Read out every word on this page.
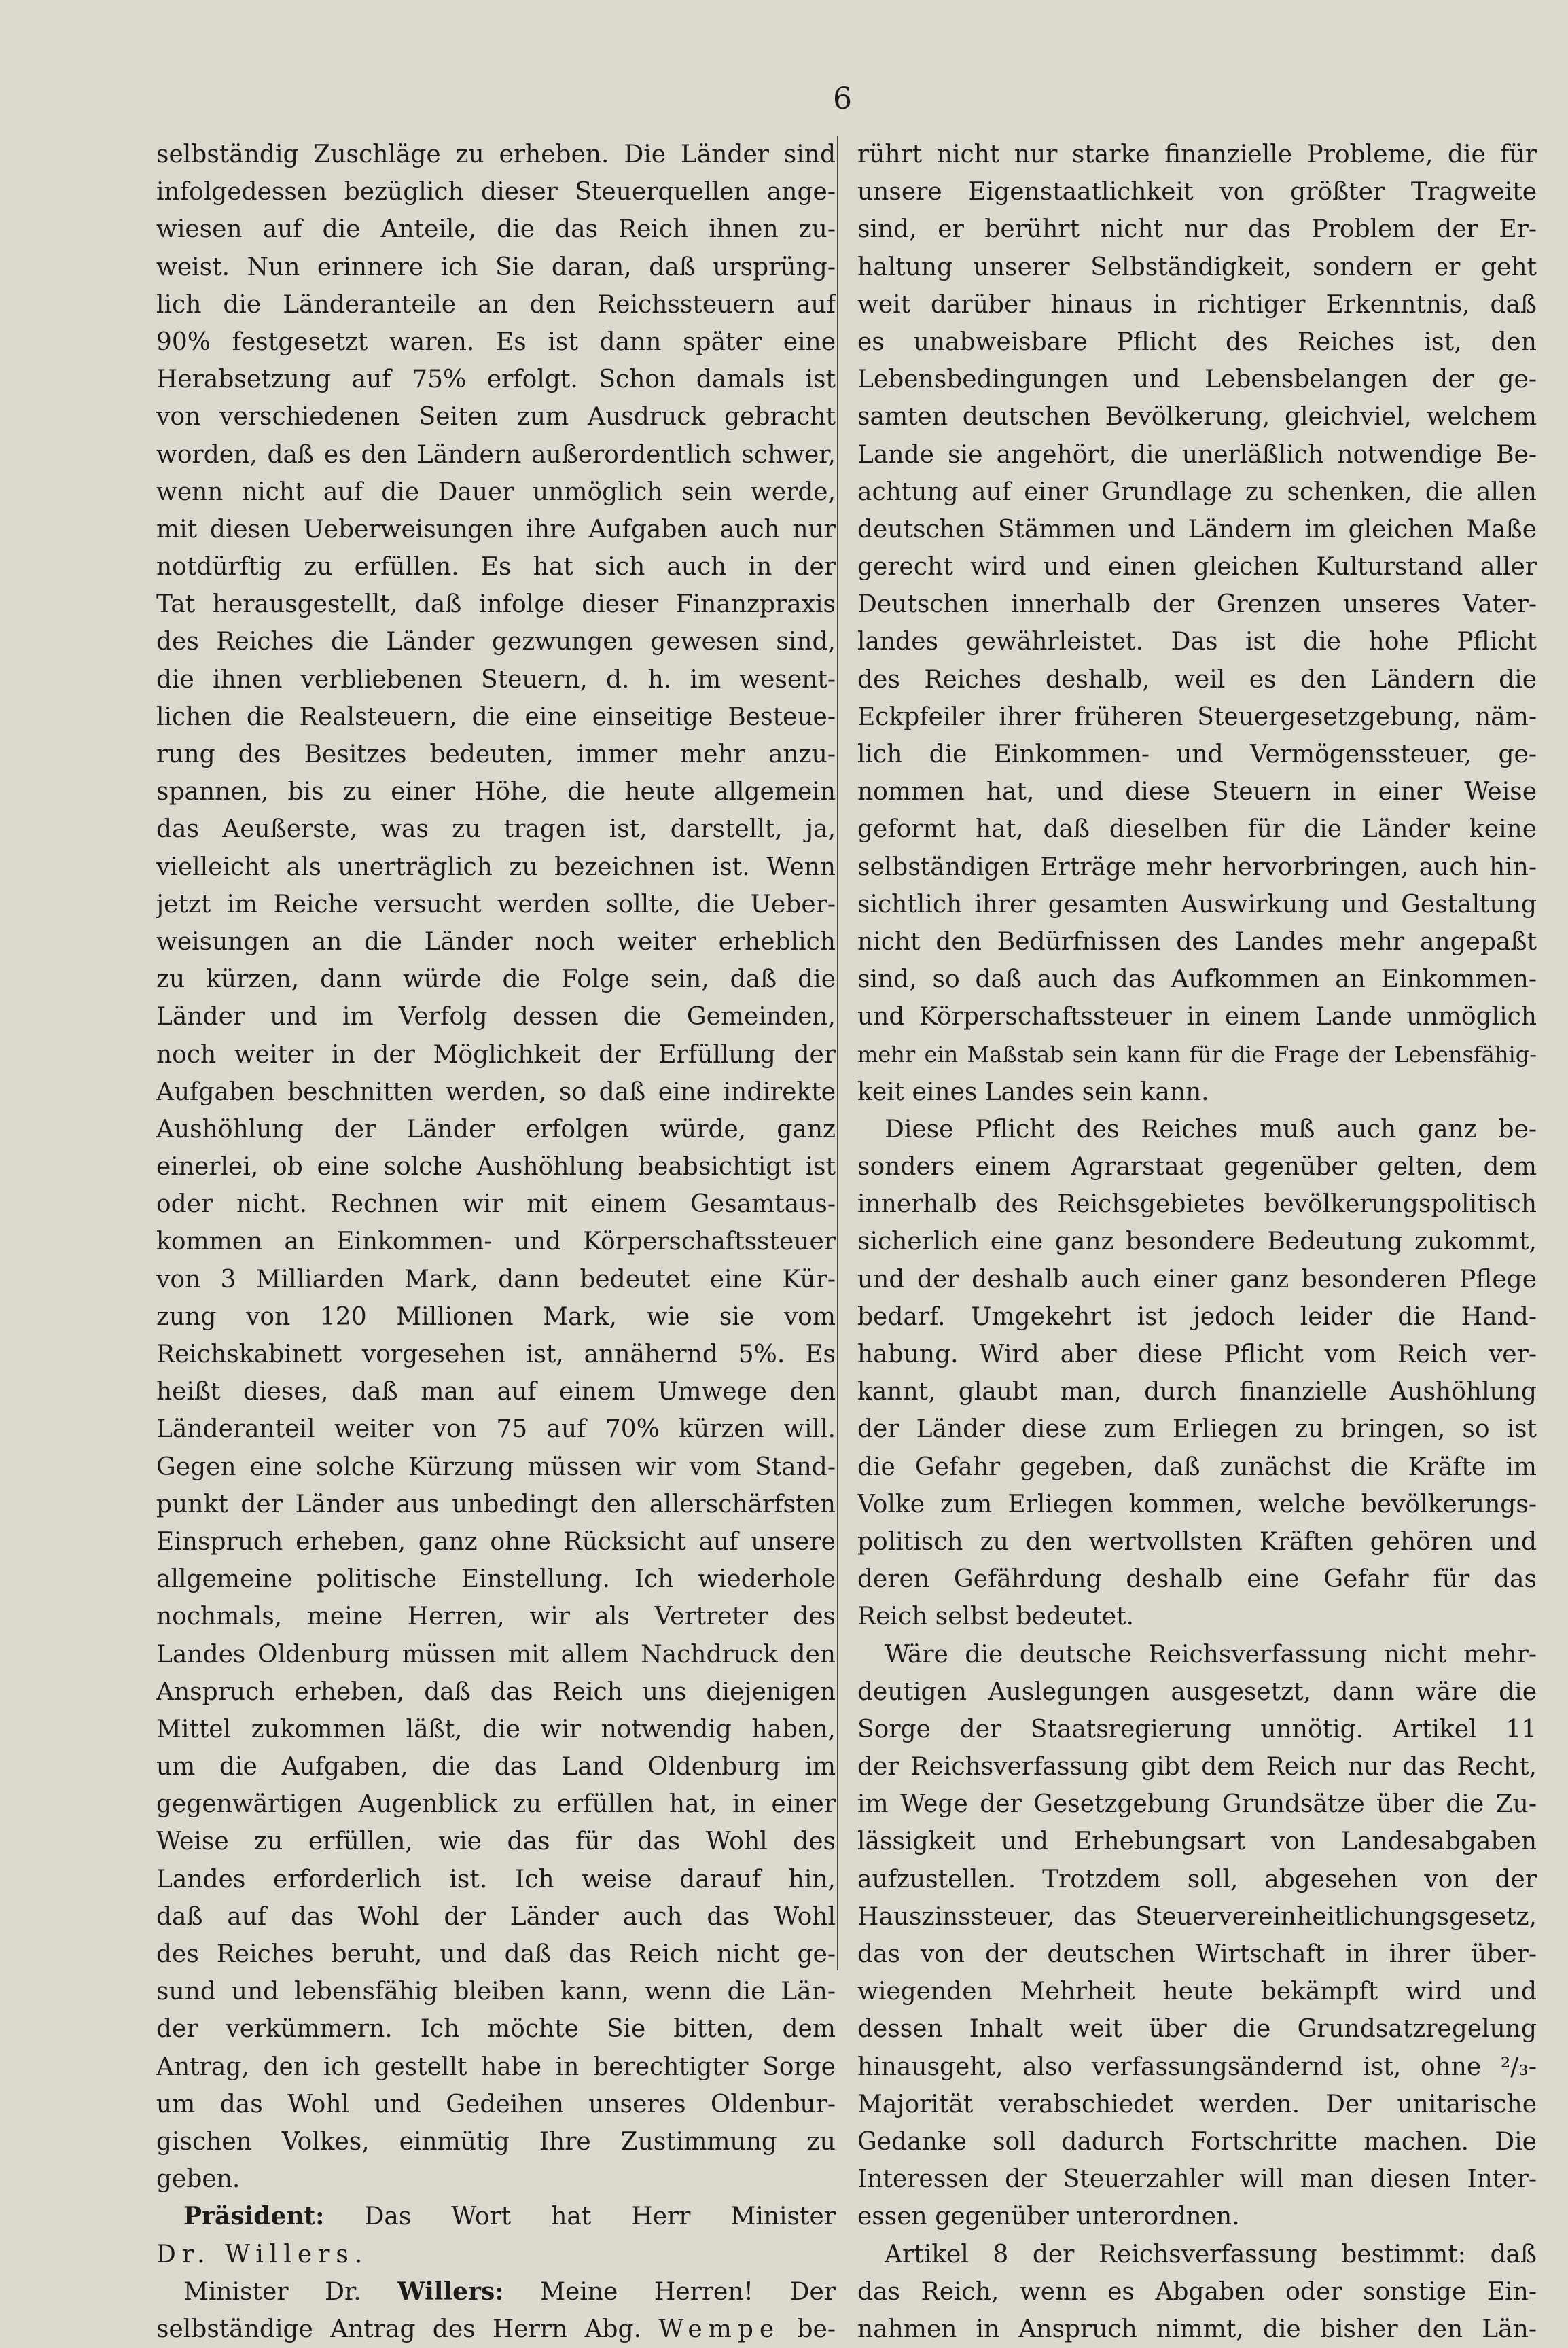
6
selbständig Zuschläge zu erheben. Die Länder sind
infolgedessen bezüglich dieser Steuerquellen ange-
wiesen auf die Anteile, die das Reich ihnen zu-
weist. Nun erinnere ich Sie daran, daß ursprüng-
lich die Länderanteile an den Reichssteuern auf
90% festgesetzt waren. Es ist dann später eine
Herabsetzung auf 75% erfolgt. Schon damals ist
von verschiedenen Seiten zum Ausdruck gebracht
worden, daß es den Ländern außerordentlich schwer,
wenn nicht auf die Dauer unmöglich sein werde,
mit diesen Ueberweisungen ihre Aufgaben auch nur
notdürftig zu erfüllen. Es hat sich auch in der
Tat herausgestellt, daß infolge dieser Finanzpraxis
des Reiches die Länder gezwungen gewesen sind,
die ihnen verbliebenen Steuern, d. h. im wesent-
lichen die Realsteuern, die eine einseitige Besteue-
rung des Besitzes bedeuten, immer mehr anzu-
spannen, bis zu einer Höhe, die heute allgemein
das Aeußerste, was zu tragen ist, darstellt, ja,
vielleicht als unerträglich zu bezeichnen ist. Wenn
jetzt im Reiche versucht werden sollte, die Ueber-
weisungen an die Länder noch weiter erheblich
zu kürzen, dann würde die Folge sein, daß die
Länder und im Verfolg dessen die Gemeinden,
noch weiter in der Möglichkeit der Erfüllung der
Aufgaben beschnitten werden, so daß eine indirekte
Aushöhlung der Länder erfolgen würde, ganz
einerlei, ob eine solche Aushöhlung beabsichtigt ist
oder nicht. Rechnen wir mit einem Gesamtaus-
kommen an Einkommen- und Körperschaftssteuer
von 3 Milliarden Mark, dann bedeutet eine Kür-
zung von 120 Millionen Mark, wie sie vom
Reichskabinett vorgesehen ist, annähernd 5%. Es
heißt dieses, daß man auf einem Umwege den
Länderanteil weiter von 75 auf 70% kürzen will.
Gegen eine solche Kürzung müssen wir vom Stand-
punkt der Länder aus unbedingt den allerschärfsten
Einspruch erheben, ganz ohne Rücksicht auf unsere
allgemeine politische Einstellung. Ich wiederhole
nochmals, meine Herren, wir als Vertreter des
Landes Oldenburg müssen mit allem Nachdruck den
Anspruch erheben, daß das Reich uns diejenigen
Mittel zukommen läßt, die wir notwendig haben,
um die Aufgaben, die das Land Oldenburg im
gegenwärtigen Augenblick zu erfüllen hat, in einer
Weise zu erfüllen, wie das für das Wohl des
Landes erforderlich ist. Ich weise darauf hin,
daß auf das Wohl der Länder auch das Wohl
des Reiches beruht, und daß das Reich nicht ge-
sund und lebensfähig bleiben kann, wenn die Län-
der verkümmern. Ich möchte Sie bitten, dem
Antrag, den ich gestellt habe in berechtigter Sorge
um das Wohl und Gedeihen unseres Oldenbur-
gischen Volkes, einmütig Ihre Zustimmung zu
geben.
Präsident: Das Wort hat Herr Minister
Dr. Willers.
Minister Dr. Willers: Meine Herren! Der
selbständige Antrag des Herrn Abg. Wempe be-
rührt nicht nur starke finanzielle Probleme, die für
unsere Eigenstaatlichkeit von größter Tragweite
sind, er berührt nicht nur das Problem der Er-
haltung unserer Selbständigkeit, sondern er geht
weit darüber hinaus in richtiger Erkenntnis, daß
es unabweisbare Pflicht des Reiches ist, den
Lebensbedingungen und Lebensbelangen der ge-
samten deutschen Bevölkerung, gleichviel, welchem
Lande sie angehört, die unerläßlich notwendige Be-
achtung auf einer Grundlage zu schenken, die allen
deutschen Stämmen und Ländern im gleichen Maße
gerecht wird und einen gleichen Kulturstand aller
Deutschen innerhalb der Grenzen unseres Vater-
landes gewährleistet. Das ist die hohe Pflicht
des Reiches deshalb, weil es den Ländern die
Eckpfeiler ihrer früheren Steuergesetzgebung, näm-
lich die Einkommen- und Vermögenssteuer, ge-
nommen hat, und diese Steuern in einer Weise
geformt hat, daß dieselben für die Länder keine
selbständigen Erträge mehr hervorbringen, auch hin-
sichtlich ihrer gesamten Auswirkung und Gestaltung
nicht den Bedürfnissen des Landes mehr angepaßt
sind, so daß auch das Aufkommen an Einkommen-
und Körperschaftssteuer in einem Lande unmöglich
mehr ein Maßstab sein kann für die Frage der Lebensfähig-
keit eines Landes sein kann.
Diese Pflicht des Reiches muß auch ganz be-
sonders einem Agrarstaat gegenüber gelten, dem
innerhalb des Reichsgebietes bevölkerungspolitisch
sicherlich eine ganz besondere Bedeutung zukommt,
und der deshalb auch einer ganz besonderen Pflege
bedarf. Umgekehrt ist jedoch leider die Hand-
habung. Wird aber diese Pflicht vom Reich ver-
kannt, glaubt man, durch finanzielle Aushöhlung
der Länder diese zum Erliegen zu bringen, so ist
die Gefahr gegeben, daß zunächst die Kräfte im
Volke zum Erliegen kommen, welche bevölkerungs-
politisch zu den wertvollsten Kräften gehören und
deren Gefährdung deshalb eine Gefahr für das
Reich selbst bedeutet.
Wäre die deutsche Reichsverfassung nicht mehr-
deutigen Auslegungen ausgesetzt, dann wäre die
Sorge der Staatsregierung unnötig. Artikel 11
der Reichsverfassung gibt dem Reich nur das Recht,
im Wege der Gesetzgebung Grundsätze über die Zu-
lässigkeit und Erhebungsart von Landesabgaben
aufzustellen. Trotzdem soll, abgesehen von der
Hauszinssteuer, das Steuervereinheitlichungsgesetz,
das von der deutschen Wirtschaft in ihrer über-
wiegenden Mehrheit heute bekämpft wird und
dessen Inhalt weit über die Grundsatzregelung
hinausgeht, also verfassungsändernd ist, ohne ²/₃-
Majorität verabschiedet werden. Der unitarische
Gedanke soll dadurch Fortschritte machen. Die
Interessen der Steuerzahler will man diesen Inter-
essen gegenüber unterordnen.
Artikel 8 der Reichsverfassung bestimmt: daß
das Reich, wenn es Abgaben oder sonstige Ein-
nahmen in Anspruch nimmt, die bisher den Län-
